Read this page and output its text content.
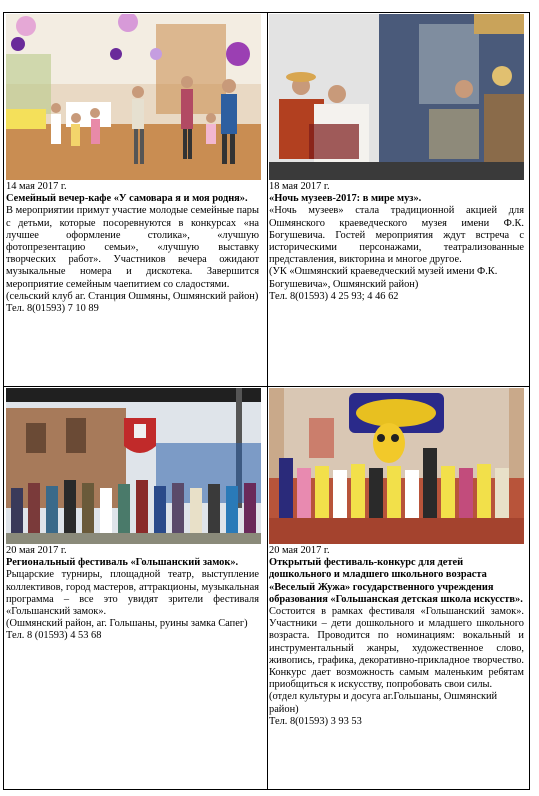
14 мая 2017 г.
Семейный вечер-кафе «У самовара я и моя родня».
В мероприятии примут участие молодые семейные пары с детьми, которые посоревнуются в конкурсах «на лучшее оформление столика», «лучшую фотопрезентацию семьи», «лучшую выставку творческих работ». Участников вечера ожидают музыкальные номера и дискотека. Завершится мероприятие семейным чаепитием со сладостями.
(сельский клуб аг. Станция Ошмяны, Ошмянский район)
Тел. 8(01593) 7 10 89
18 мая 2017 г.
«Ночь музеев-2017: в мире муз».
«Ночь музеев» стала традиционной акцией для Ошмянского краеведческого музея имени Ф.К. Богушевича. Гостей мероприятия ждут встреча с историческими персонажами, театрализованные представления, викторина и многое другое.
(УК «Ошмянский краеведческий музей имени Ф.К. Богушевича», Ошмянский район)
Тел. 8(01593) 4 25 93; 4 46 62
20 мая 2017 г.
Региональный фестиваль «Гольшанский замок».
Рыцарские турниры, площадной театр, выступление коллективов, город мастеров, аттракционы, музыкальная программа – все это увидят зрители фестиваля «Гольшанский замок».
(Ошмянский район, аг. Гольшаны, руины замка Сапег)
Тел. 8 (01593) 4 53 68
20 мая 2017 г.
Открытый фестиваль-конкурс для детей дошкольного и младшего школьного возраста «Веселый Жужа» государственного учреждения образования «Гольшанская детская школа искусств».
Состоится в рамках фестиваля «Гольшанский замок». Участники – дети дошкольного и младшего школьного возраста. Проводится по номинациям: вокальный и инструментальный жанры, художественное слово, живопись, графика, декоративно-прикладное творчество. Конкурс дает возможность самым маленьким ребятам приобщиться к искусству, попробовать свои силы.
(отдел культуры и досуга аг.Гольшаны, Ошмянский район)
Тел. 8(01593) 3 93 53
